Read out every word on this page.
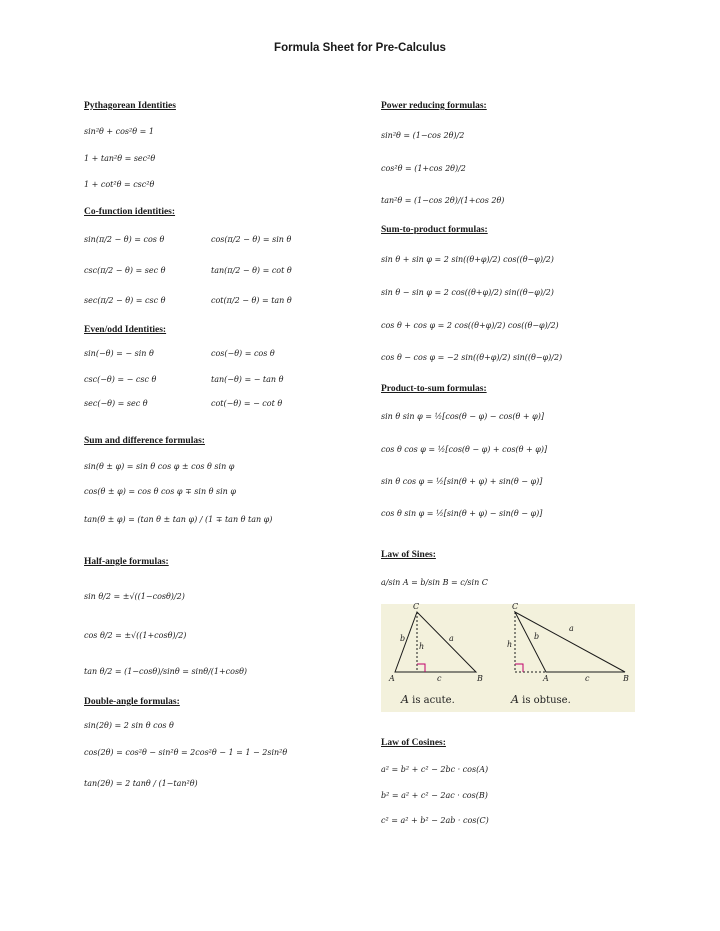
Formula Sheet for Pre-Calculus
Pythagorean Identities
sin²θ + cos²θ = 1
1 + tan²θ = sec²θ
1 + cot²θ = csc²θ
Co-function identities:
sin(π/2 − θ) = cos θ	cos(π/2 − θ) = sin θ
csc(π/2 − θ) = sec θ	tan(π/2 − θ) = cot θ
sec(π/2 − θ) = csc θ	cot(π/2 − θ) = tan θ
Even/odd Identities:
sin(−θ) = − sin θ	cos(−θ) = cos θ
csc(−θ) = − csc θ	tan(−θ) = − tan θ
sec(−θ) = sec θ	cot(−θ) = − cot θ
Sum and difference formulas:
sin(θ ± φ) = sin θ cos φ ± cos θ sin φ
cos(θ ± φ) = cos θ cos φ ∓ sin θ sin φ
tan(θ ± φ) = (tan θ ± tan φ) / (1 ∓ tan θ tan φ)
Half-angle formulas:
sin θ/2 = ±√((1−cosθ)/2)
cos θ/2 = ±√((1+cosθ)/2)
tan θ/2 = (1−cosθ)/sinθ = sinθ/(1+cosθ)
Double-angle formulas:
sin(2θ) = 2 sin θ cos θ
cos(2θ) = cos²θ − sin²θ = 2cos²θ − 1 = 1 − 2sin²θ
tan(2θ) = 2 tanθ / (1−tan²θ)
Power reducing formulas:
sin²θ = (1−cos 2θ)/2
cos²θ = (1+cos 2θ)/2
tan²θ = (1−cos 2θ)/(1+cos 2θ)
Sum-to-product formulas:
sin θ + sin φ = 2 sin((θ+φ)/2) cos((θ−φ)/2)
sin θ − sin φ = 2 cos((θ+φ)/2) sin((θ−φ)/2)
cos θ + cos φ = 2 cos((θ+φ)/2) cos((θ−φ)/2)
cos θ − cos φ = −2 sin((θ+φ)/2) sin((θ−φ)/2)
Product-to-sum formulas:
sin θ sin φ = ½[cos(θ − φ) − cos(θ + φ)]
cos θ cos φ = ½[cos(θ − φ) + cos(θ + φ)]
sin θ cos φ = ½[sin(θ + φ) + sin(θ − φ)]
cos θ sin φ = ½[sin(θ + φ) − sin(θ − φ)]
Law of Sines:
a/sin A = b/sin B = c/sin C
C
A	B
b
h
a
c
C
A	B
b
h
a
c
A is acute.	A is obtuse.
Law of Cosines:
a² = b² + c² − 2bc · cos(A)
b² = a² + c² − 2ac · cos(B)
c² = a² + b² − 2ab · cos(C)
